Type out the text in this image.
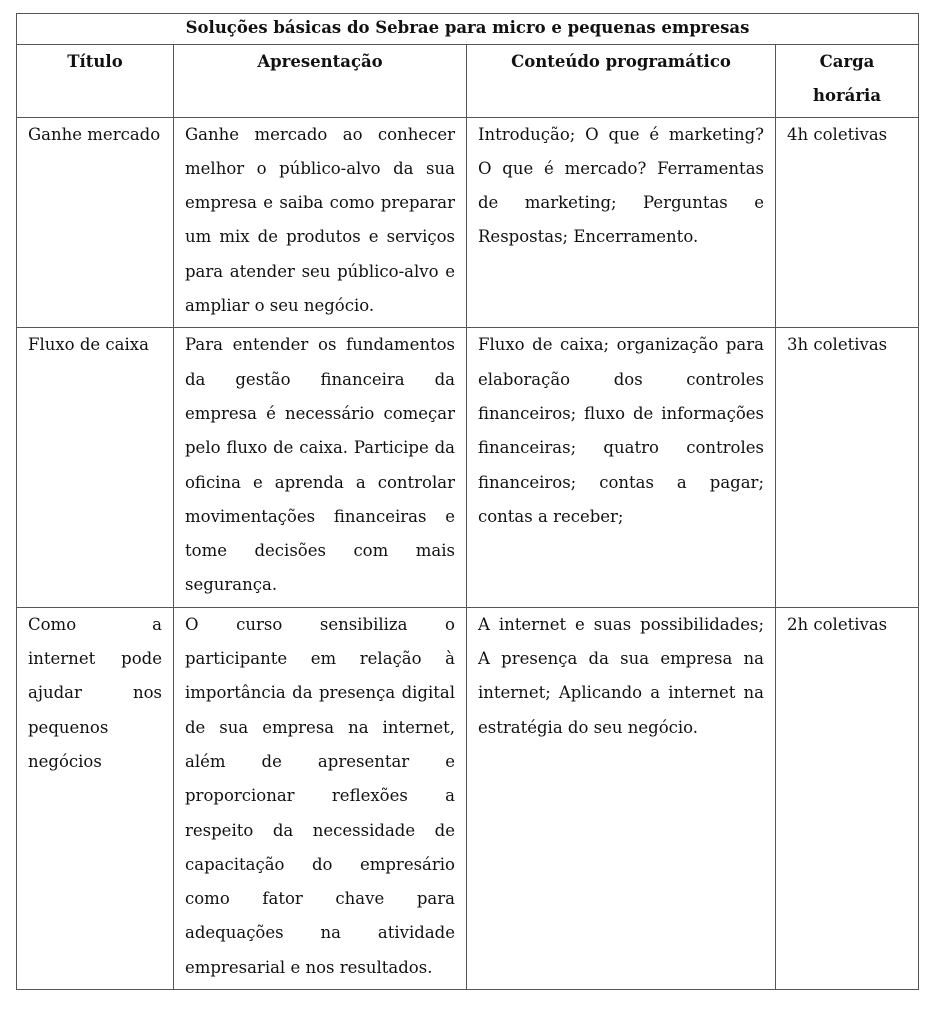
Soluções básicas do Sebrae para micro e pequenas empresas			
Título	Apresentação	Conteúdo programático	Carga horária
Ganhe mercado	Ganhe mercado ao conhecer melhor o público-alvo da sua empresa e saiba como preparar um mix de produtos e serviços para atender seu público-alvo e ampliar o seu negócio.	Introdução; O que é marketing? O que é mercado? Ferramentas de marketing; Perguntas e Respostas; Encerramento.	4h coletivas
Fluxo de caixa	Para entender os fundamentos da gestão financeira da empresa é necessário começar pelo fluxo de caixa. Participe da oficina e aprenda a controlar movimentações financeiras e tome decisões com mais segurança.	Fluxo de caixa; organização para elaboração dos controles financeiros; fluxo de informações financeiras; quatro controles financeiros; contas a pagar; contas a receber;	3h coletivas
Como a internet pode ajudar nos pequenos negócios	O curso sensibiliza o participante em relação à importância da presença digital de sua empresa na internet, além de apresentar e proporcionar reflexões a respeito da necessidade de capacitação do empresário como fator chave para adequações na atividade empresarial e nos resultados.	A internet e suas possibilidades; A presença da sua empresa na internet; Aplicando a internet na estratégia do seu negócio.	2h coletivas
